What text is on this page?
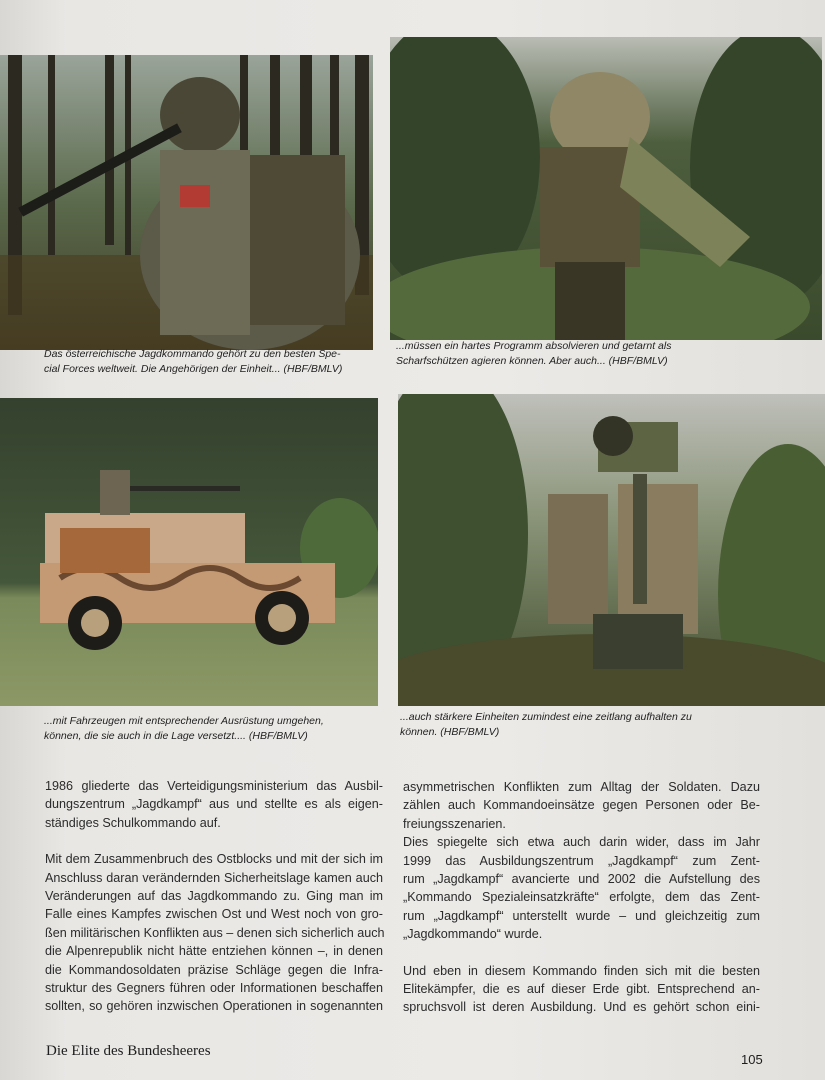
Das österreichische Jagdkommando gehört zu den besten Spe-
cial Forces weltweit. Die Angehörigen der Einheit... (HBF/BMLV)
...müssen ein hartes Programm absolvieren und getarnt als
Scharfschützen agieren können. Aber auch... (HBF/BMLV)
...mit Fahrzeugen mit entsprechender Ausrüstung umgehen,
können, die sie auch in die Lage versetzt.... (HBF/BMLV)
...auch stärkere Einheiten zumindest eine zeitlang aufhalten zu
können. (HBF/BMLV)

1986 gliederte das Verteidigungsministerium das Ausbil-
dungszentrum „Jagdkampf“ aus und stellte es als eigen-
ständiges Schulkommando auf.

Mit dem Zusammenbruch des Ostblocks und mit der sich im
Anschluss daran verändernden Sicherheitslage kamen auch
Veränderungen auf das Jagdkommando zu. Ging man im
Falle eines Kampfes zwischen Ost und West noch von gro-
ßen militärischen Konflikten aus – denen sich sicherlich auch
die Alpenrepublik nicht hätte entziehen können –, in denen
die Kommandosoldaten präzise Schläge gegen die Infra-
struktur des Gegners führen oder Informationen beschaffen
sollten, so gehören inzwischen Operationen in sogenannten

asymmetrischen Konflikten zum Alltag der Soldaten. Dazu
zählen auch Kommandoeinsätze gegen Personen oder Be-
freiungsszenarien.
Dies spiegelte sich etwa auch darin wider, dass im Jahr
1999 das Ausbildungszentrum „Jagdkampf“ zum Zent-
rum „Jagdkampf“ avancierte und 2002 die Aufstellung des
„Kommando Spezialeinsatzkräfte“ erfolgte, dem das Zent-
rum „Jagdkampf“ unterstellt wurde – und gleichzeitig zum
„Jagdkommando“ wurde.

Und eben in diesem Kommando finden sich mit die besten
Elitekämpfer, die es auf dieser Erde gibt. Entsprechend an-
spruchsvoll ist deren Ausbildung. Und es gehört schon eini-

Die Elite des Bundesheeres
105
